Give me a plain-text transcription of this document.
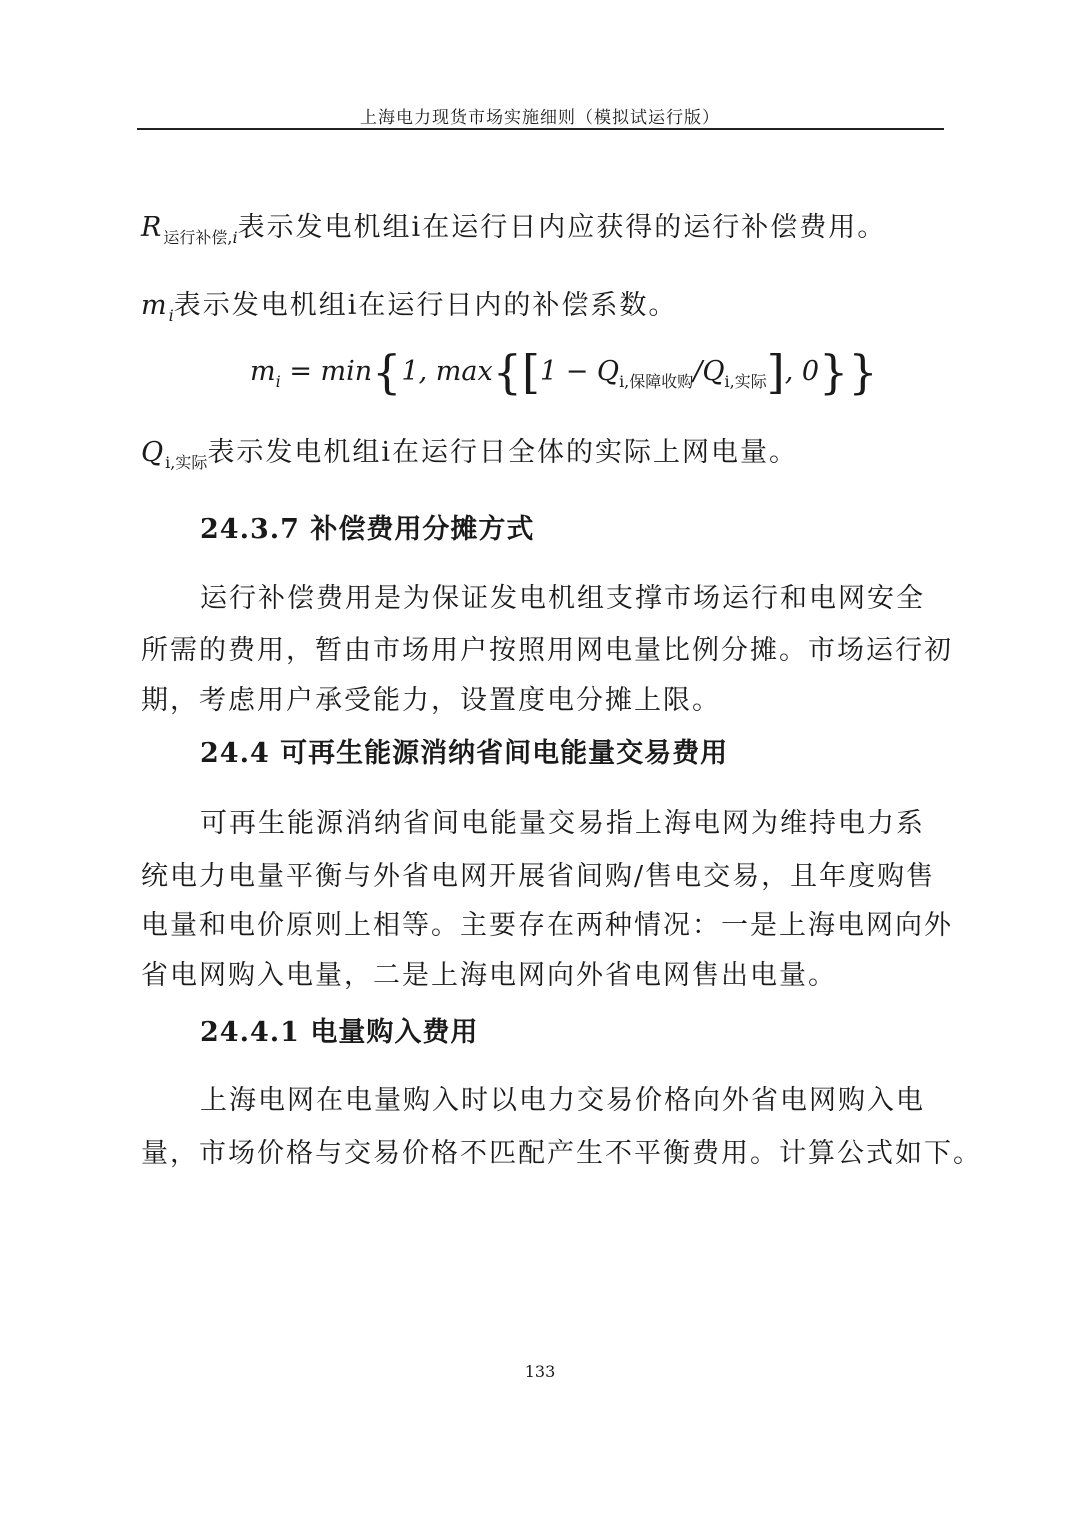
上海电力现货市场实施细则（模拟试运行版）
$R_{运行补偿,i}$表示发电机组i在运行日内应获得的运行补偿费用。
$m_i$表示发电机组i在运行日内的补偿系数。
$m_i = \min\{1$, $\max\{[1 - Q_{i,保障收购}/Q_{i,实际}]$, 0}}
$Q_{i,实际}$表示发电机组i在运行日全体的实际上网电量。
24.3.7 补偿费用分摊方式
运行补偿费用是为保证发电机组支撑市场运行和电网安全
所需的费用，暂由市场用户按照用网电量比例分摊。市场运行初
期，考虑用户承受能力，设置度电分摊上限。
24.4 可再生能源消纳省间电能量交易费用
可再生能源消纳省间电能量交易指上海电网为维持电力系
统电力电量平衡与外省电网开展省间购/售电交易，且年度购售
电量和电价原则上相等。主要存在两种情况：一是上海电网向外
省电网购入电量，二是上海电网向外省电网售出电量。
24.4.1 电量购入费用
上海电网在电量购入时以电力交易价格向外省电网购入电
量，市场价格与交易价格不匹配产生不平衡费用。计算公式如下。
133
